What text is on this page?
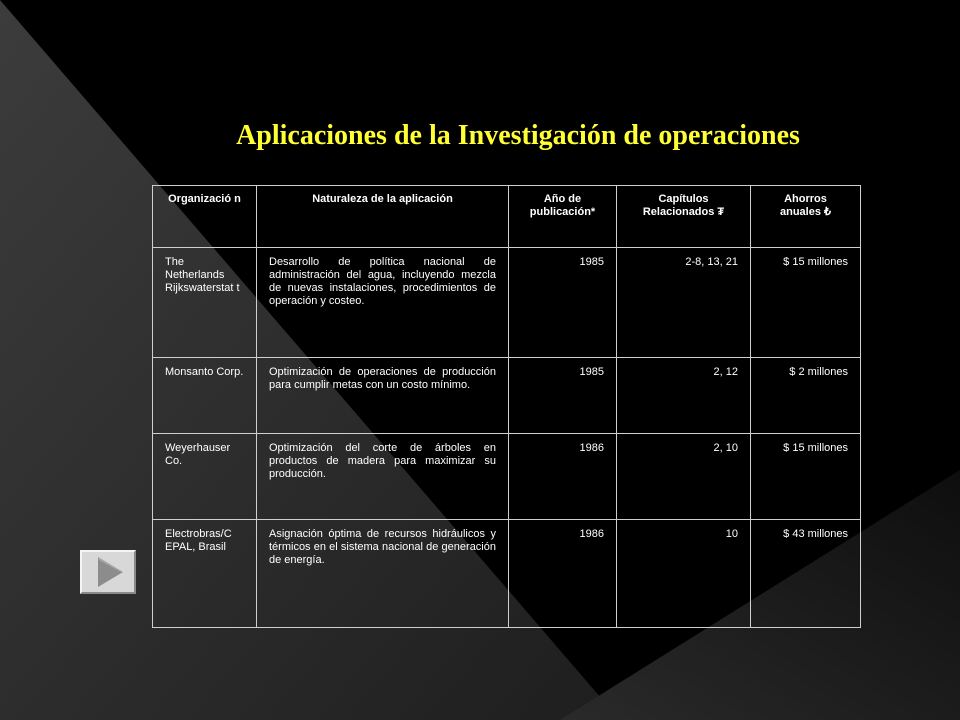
Aplicaciones de la Investigación de operaciones
Organizació n	Naturaleza de la aplicación	Año de publicación*	Capítulos Relacionados ₮	Ahorros anuales ₺
The Netherlands Rijkswaterstat t	Desarrollo de política nacional de administración del agua, incluyendo mezcla de nuevas instalaciones, procedimientos de operación y costeo.	1985	2-8, 13, 21	$ 15 millones
Monsanto Corp.	Optimización de operaciones de producción para cumplir metas con un costo mínimo.	1985	2, 12	$ 2 millones
Weyerhauser Co.	Optimización del corte de árboles en productos de madera para maximizar su producción.	1986	2, 10	$ 15 millones
Electrobras/C EPAL, Brasil	Asignación óptima de recursos hidráulicos y térmicos en el sistema nacional de generación de energía.	1986	10	$ 43 millones
